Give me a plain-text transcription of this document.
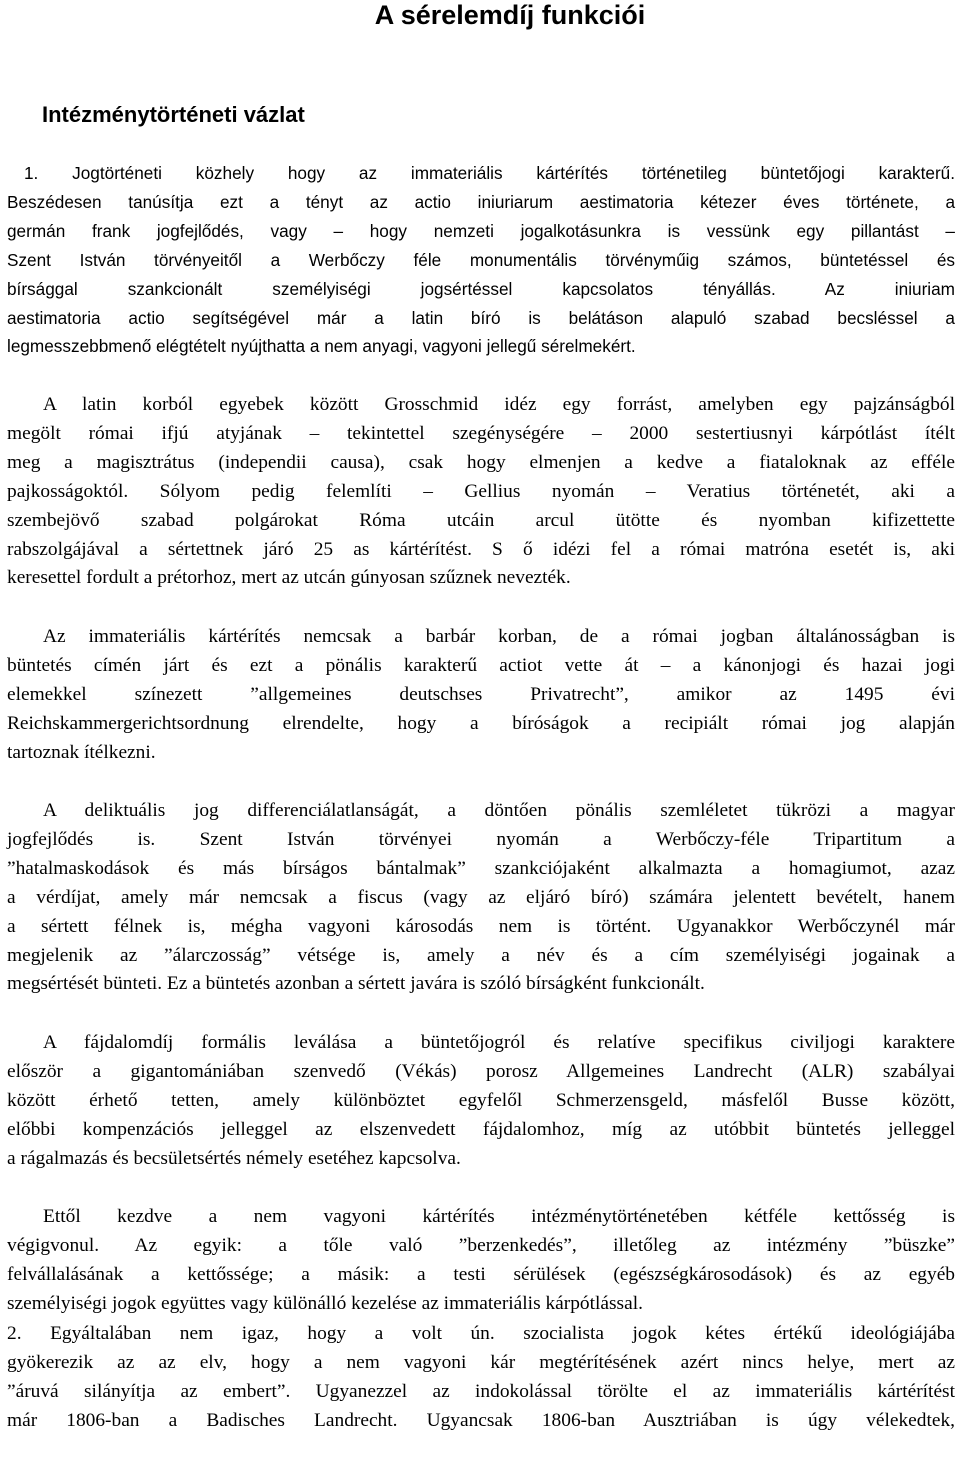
A sérelemdíj funkciói
Intézménytörténeti vázlat
1. Jogtörténeti közhely hogy az immateriális kártérítés történetileg büntetőjogi karakterű.
Beszédesen tanúsítja ezt a tényt az actio iniuriarum aestimatoria kétezer éves története, a
germán frank jogfejlődés, vagy – hogy nemzeti jogalkotásunkra is vessünk egy pillantást –
Szent István törvényeitől a Werbőczy féle monumentális törvényműig számos, büntetéssel és
bírsággal szankcionált személyiségi jogsértéssel kapcsolatos tényállás. Az iniuriam
aestimatoria actio segítségével már a latin bíró is belátáson alapuló szabad becsléssel a
legmesszebbmenő elégtételt nyújthatta a nem anyagi, vagyoni jellegű sérelmekért.
A latin korból egyebek között Grosschmid idéz egy forrást, amelyben egy pajzánságból
megölt római ifjú atyjának – tekintettel szegénységére – 2000 sestertiusnyi kárpótlást ítélt
meg a magisztrátus (independii causa), csak hogy elmenjen a kedve a fiataloknak az efféle
pajkosságoktól. Sólyom pedig felemlíti – Gellius nyomán – Veratius történetét, aki a
szembejövő szabad polgárokat Róma utcáin arcul ütötte és nyomban kifizettette
rabszolgájával a sértettnek járó 25 as kártérítést. S ő idézi fel a római matróna esetét is, aki
keresettel fordult a prétorhoz, mert az utcán gúnyosan szűznek nevezték.
Az immateriális kártérítés nemcsak a barbár korban, de a római jogban általánosságban is
büntetés címén járt és ezt a pönális karakterű actiot vette át – a kánonjogi és hazai jogi
elemekkel színezett ”allgemeines deutschses Privatrecht”, amikor az 1495 évi
Reichskammergerichtsordnung elrendelte, hogy a bíróságok a recipiált római jog alapján
tartoznak ítélkezni.
A deliktuális jog differenciálatlanságát, a döntően pönális szemléletet tükrözi a magyar
jogfejlődés is. Szent István törvényei nyomán a Werbőczy-féle Tripartitum a
”hatalmaskodások és más bírságos bántalmak” szankciójaként alkalmazta a homagiumot, azaz
a vérdíjat, amely már nemcsak a fiscus (vagy az eljáró bíró) számára jelentett bevételt, hanem
a sértett félnek is, mégha vagyoni károsodás nem is történt. Ugyanakkor Werbőczynél már
megjelenik az ”álarczosság” vétsége is, amely a név és a cím személyiségi jogainak a
megsértését bünteti. Ez a büntetés azonban a sértett javára is szóló bírságként funkcionált.
A fájdalomdíj formális leválása a büntetőjogról és relatíve specifikus civiljogi karaktere
először a gigantomániában szenvedő (Vékás) porosz Allgemeines Landrecht (ALR) szabályai
között érhető tetten, amely különböztet egyfelől Schmerzensgeld, másfelől Busse között,
előbbi kompenzációs jelleggel az elszenvedett fájdalomhoz, míg az utóbbit büntetés jelleggel
a rágalmazás és becsületsértés némely esetéhez kapcsolva.
Ettől kezdve a nem vagyoni kártérítés intézménytörténetében kétféle kettősség is
végigvonul. Az egyik: a tőle való ”berzenkedés”, illetőleg az intézmény ”büszke”
felvállalásának a kettőssége; a másik: a testi sérülések (egészségkárosodások) és az egyéb
személyiségi jogok együttes vagy különálló kezelése az immateriális kárpótlással.
2. Egyáltalában nem igaz, hogy a volt ún. szocialista jogok kétes értékű ideológiájába
gyökerezik az az elv, hogy a nem vagyoni kár megtérítésének azért nincs helye, mert az
”áruvá silányítja az embert”. Ugyanezzel az indokolással törölte el az immateriális kártérítést
már 1806-ban a Badisches Landrecht. Ugyancsak 1806-ban Ausztriában is úgy vélekedtek,
